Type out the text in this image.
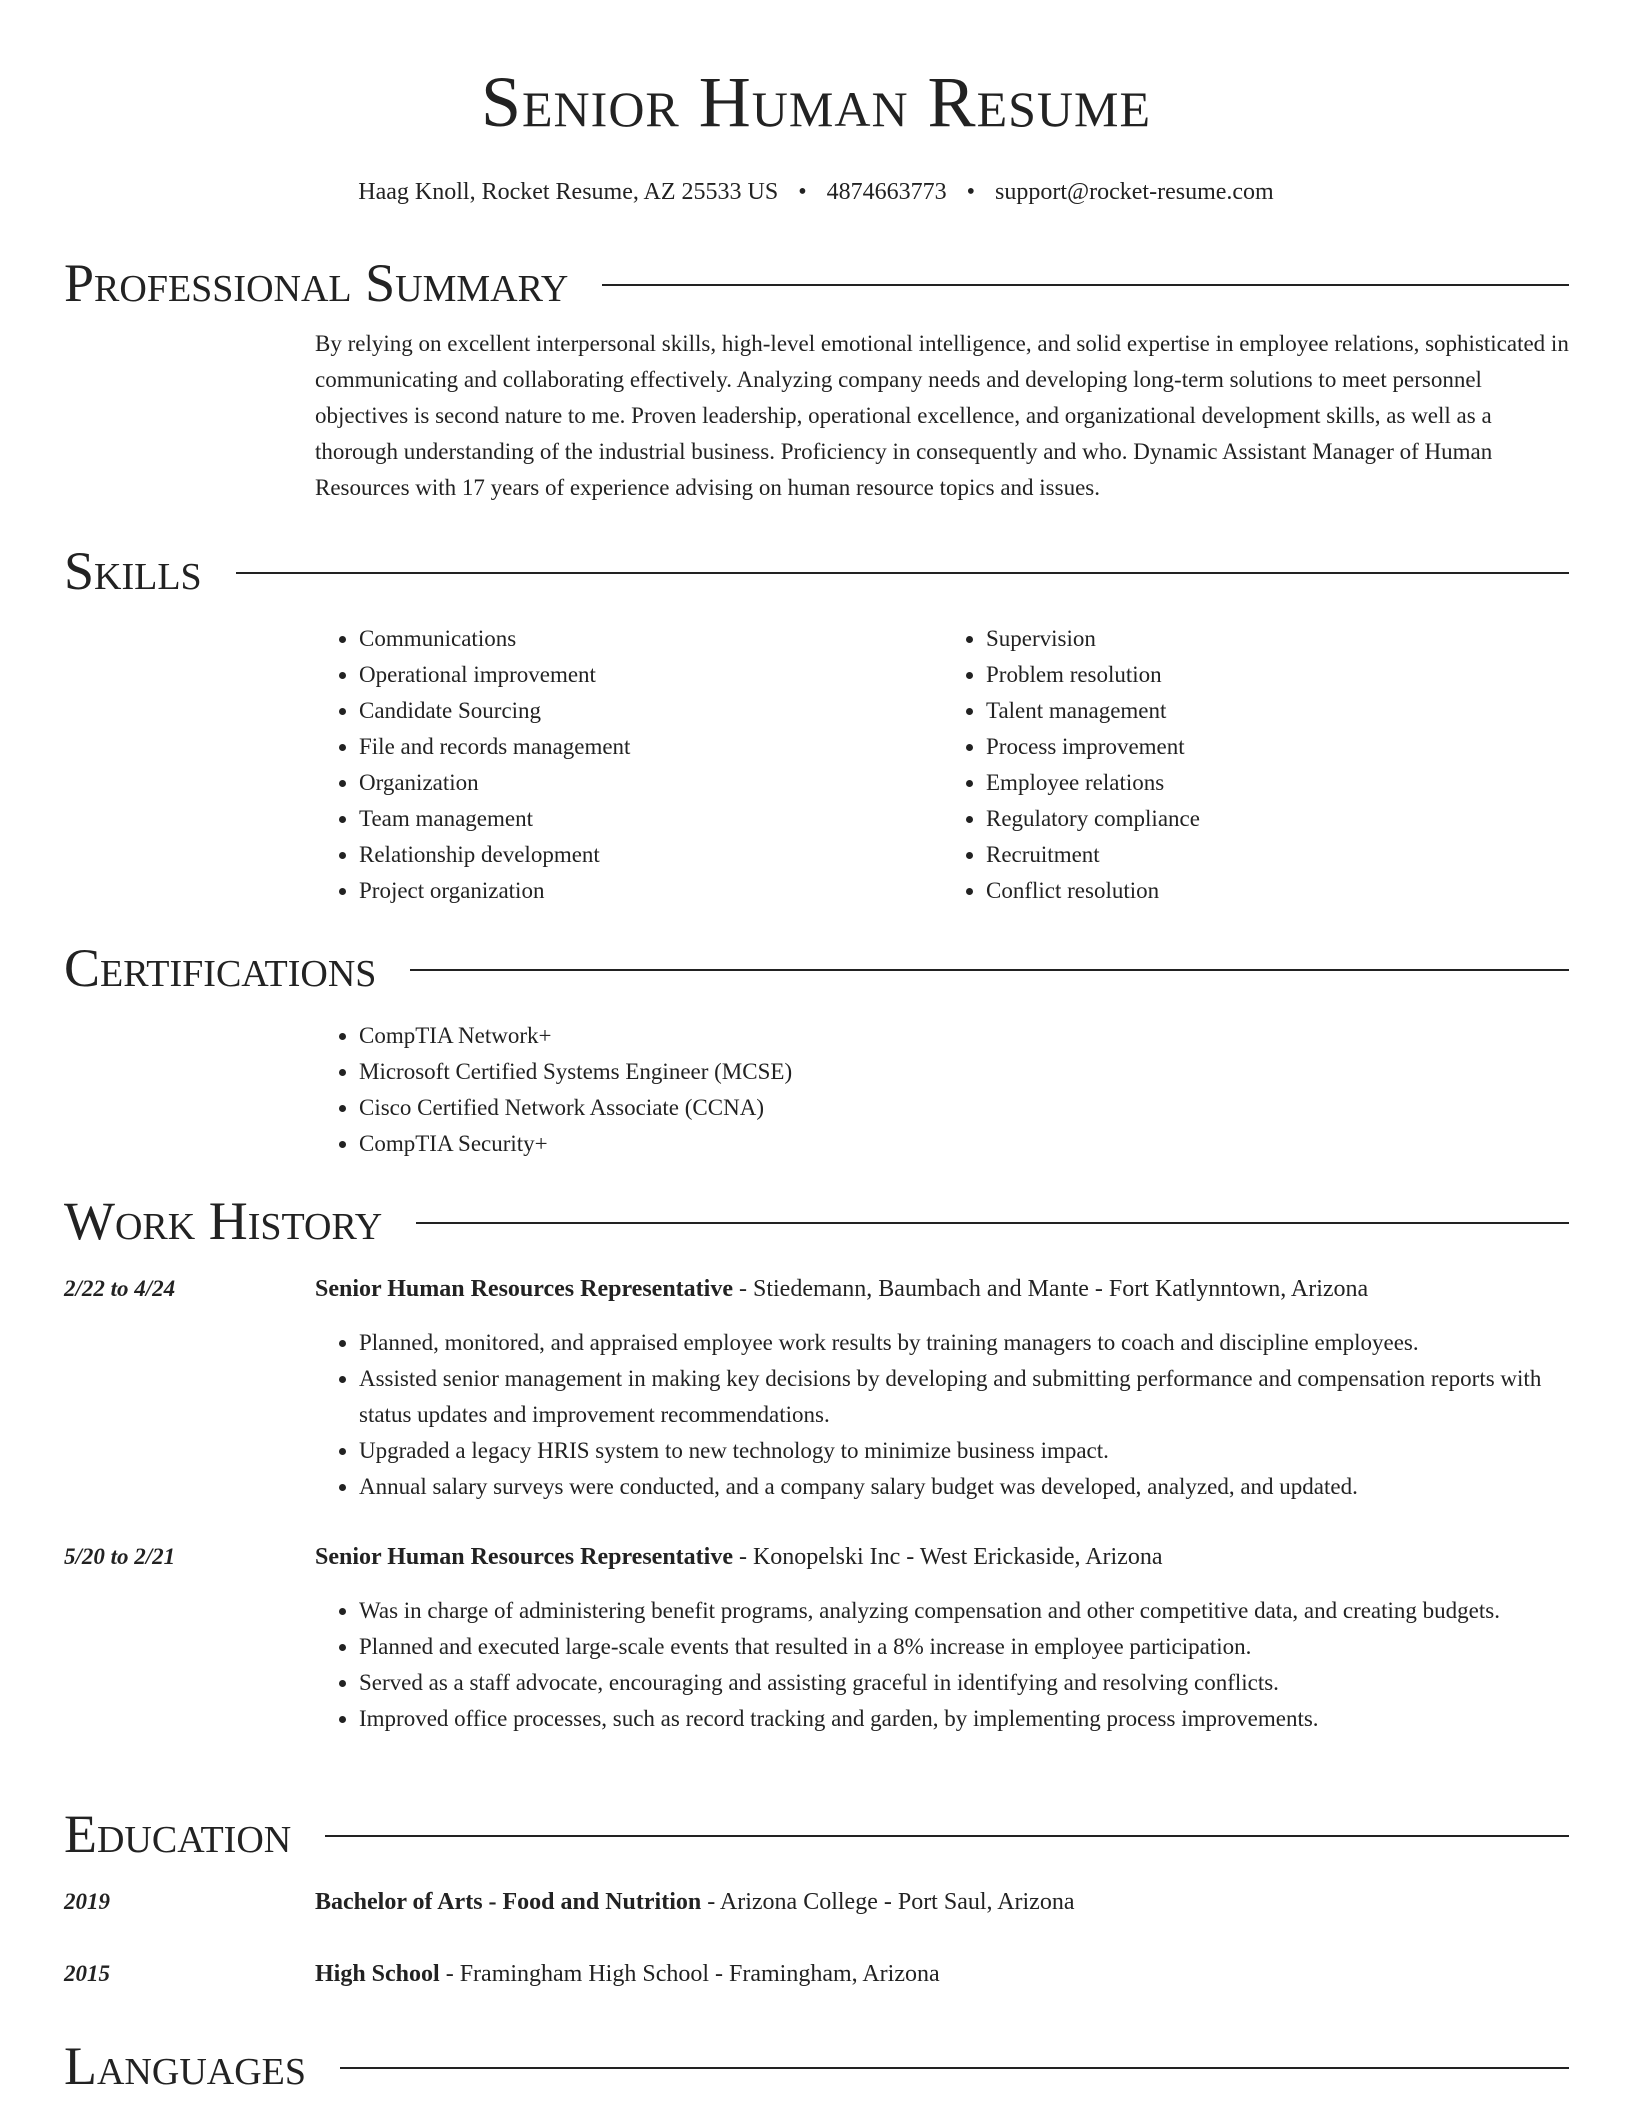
Senior Human Resume
Haag Knoll, Rocket Resume, AZ 25533 US • 4874663773 • support@rocket-resume.com
Professional Summary

By relying on excellent interpersonal skills, high-level emotional intelligence, and solid expertise in employee relations, sophisticated in communicating and collaborating effectively. Analyzing company needs and developing long-term solutions to meet personnel objectives is second nature to me. Proven leadership, operational excellence, and organizational development skills, as well as a thorough understanding of the industrial business. Proficiency in consequently and who. Dynamic Assistant Manager of Human Resources with 17 years of experience advising on human resource topics and issues.

Skills
• Communications
• Operational improvement
• Candidate Sourcing
• File and records management
• Organization
• Team management
• Relationship development
• Project organization
• Supervision
• Problem resolution
• Talent management
• Process improvement
• Employee relations
• Regulatory compliance
• Recruitment
• Conflict resolution
Certifications
• CompTIA Network+
• Microsoft Certified Systems Engineer (MCSE)
• Cisco Certified Network Associate (CCNA)
• CompTIA Security+
Work History
2/22 to 4/24	Senior Human Resources Representative - Stiedemann, Baumbach and Mante - Fort Katlynntown, Arizona
• Planned, monitored, and appraised employee work results by training managers to coach and discipline employees.
• Assisted senior management in making key decisions by developing and submitting performance and compensation reports with status updates and improvement recommendations.
• Upgraded a legacy HRIS system to new technology to minimize business impact.
• Annual salary surveys were conducted, and a company salary budget was developed, analyzed, and updated.
5/20 to 2/21	Senior Human Resources Representative - Konopelski Inc - West Erickaside, Arizona
• Was in charge of administering benefit programs, analyzing compensation and other competitive data, and creating budgets.
• Planned and executed large-scale events that resulted in a 8% increase in employee participation.
• Served as a staff advocate, encouraging and assisting graceful in identifying and resolving conflicts.
• Improved office processes, such as record tracking and garden, by implementing process improvements.
Education
2019	Bachelor of Arts - Food and Nutrition - Arizona College - Port Saul, Arizona
2015	High School - Framingham High School - Framingham, Arizona
Languages
